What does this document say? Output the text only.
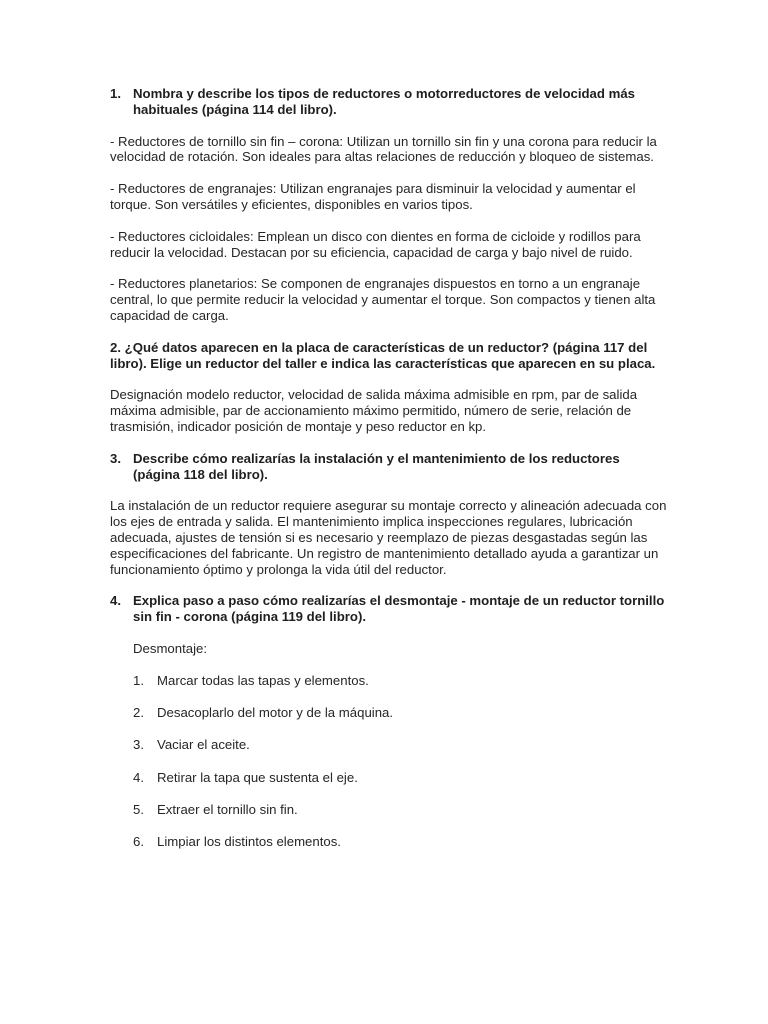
1. Nombra y describe los tipos de reductores o motorreductores de velocidad más habituales (página 114 del libro).

- Reductores de tornillo sin fin – corona: Utilizan un tornillo sin fin y una corona para reducir la velocidad de rotación. Son ideales para altas relaciones de reducción y bloqueo de sistemas.

- Reductores de engranajes: Utilizan engranajes para disminuir la velocidad y aumentar el torque. Son versátiles y eficientes, disponibles en varios tipos.

- Reductores cicloidales: Emplean un disco con dientes en forma de cicloide y rodillos para reducir la velocidad. Destacan por su eficiencia, capacidad de carga y bajo nivel de ruido.

- Reductores planetarios: Se componen de engranajes dispuestos en torno a un engranaje central, lo que permite reducir la velocidad y aumentar el torque. Son compactos y tienen alta capacidad de carga.

2. ¿Qué datos aparecen en la placa de características de un reductor? (página 117 del libro). Elige un reductor del taller e indica las características que aparecen en su placa.

Designación modelo reductor, velocidad de salida máxima admisible en rpm, par de salida máxima admisible, par de accionamiento máximo permitido, número de serie, relación de trasmisión, indicador posición de montaje y peso reductor en kp.

3. Describe cómo realizarías la instalación y el mantenimiento de los reductores (página 118 del libro).

La instalación de un reductor requiere asegurar su montaje correcto y alineación adecuada con los ejes de entrada y salida. El mantenimiento implica inspecciones regulares, lubricación adecuada, ajustes de tensión si es necesario y reemplazo de piezas desgastadas según las especificaciones del fabricante. Un registro de mantenimiento detallado ayuda a garantizar un funcionamiento óptimo y prolonga la vida útil del reductor.

4. Explica paso a paso cómo realizarías el desmontaje - montaje de un reductor tornillo sin fin - corona (página 119 del libro).

Desmontaje:

1. Marcar todas las tapas y elementos.
2. Desacoplarlo del motor y de la máquina.
3. Vaciar el aceite.
4. Retirar la tapa que sustenta el eje.
5. Extraer el tornillo sin fin.
6. Limpiar los distintos elementos.
